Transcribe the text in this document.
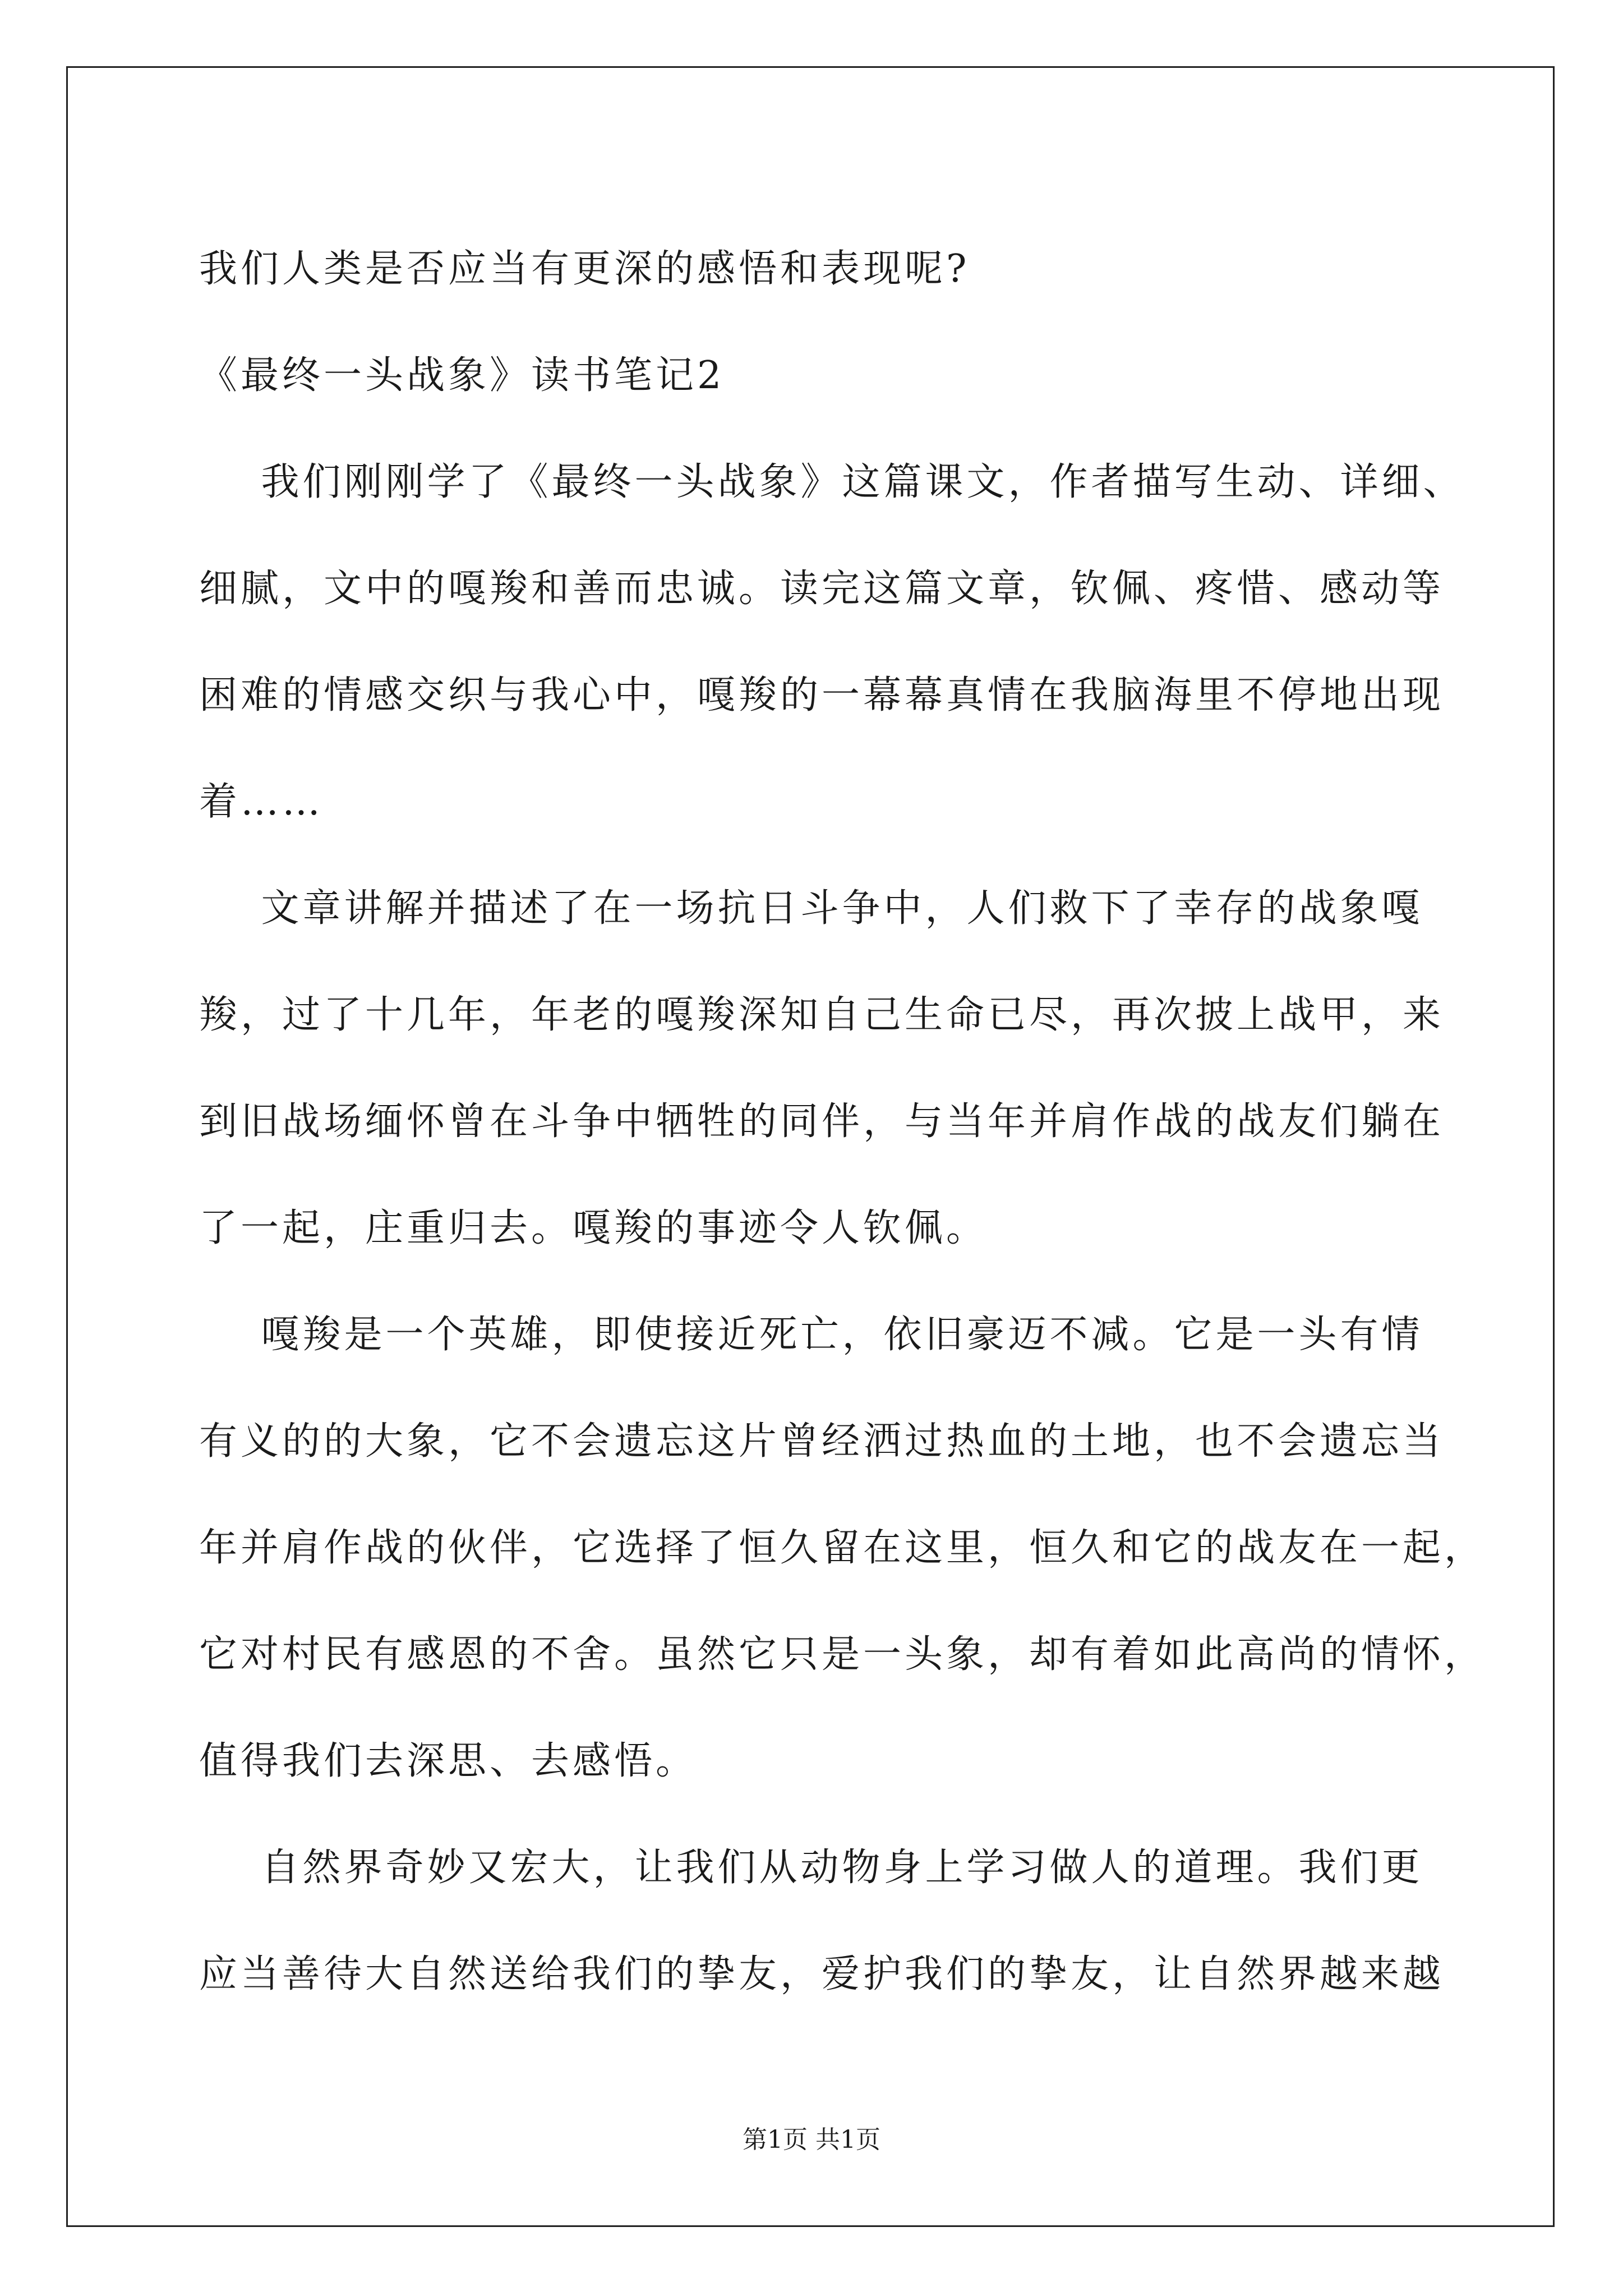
我们人类是否应当有更深的感悟和表现呢?
《最终一头战象》读书笔记2
我们刚刚学了《最终一头战象》这篇课文，作者描写生动、详细、
细腻，文中的嘎羧和善而忠诚。读完这篇文章，钦佩、疼惜、感动等
困难的情感交织与我心中，嘎羧的一幕幕真情在我脑海里不停地出现
着……
文章讲解并描述了在一场抗日斗争中，人们救下了幸存的战象嘎
羧，过了十几年，年老的嘎羧深知自己生命已尽，再次披上战甲，来
到旧战场缅怀曾在斗争中牺牲的同伴，与当年并肩作战的战友们躺在
了一起，庄重归去。嘎羧的事迹令人钦佩。
嘎羧是一个英雄，即使接近死亡，依旧豪迈不减。它是一头有情
有义的的大象，它不会遗忘这片曾经洒过热血的土地，也不会遗忘当
年并肩作战的伙伴，它选择了恒久留在这里，恒久和它的战友在一起，
它对村民有感恩的不舍。虽然它只是一头象，却有着如此高尚的情怀，
值得我们去深思、去感悟。
自然界奇妙又宏大，让我们从动物身上学习做人的道理。我们更
应当善待大自然送给我们的挚友，爱护我们的挚友，让自然界越来越
第1页 共1页
